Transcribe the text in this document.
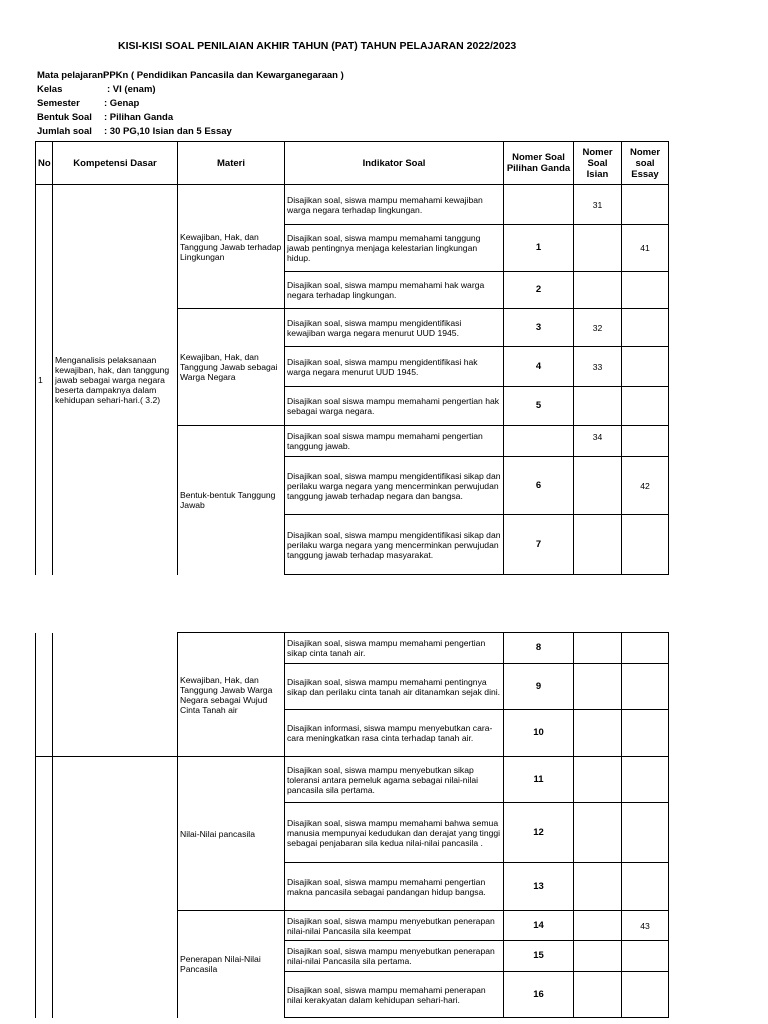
KISI-KISI SOAL PENILAIAN AKHIR TAHUN (PAT) TAHUN PELAJARAN 2022/2023
Mata pelajaran:
PPKn ( Pendidikan Pancasila dan Kewarganegaraan )
Kelas	: VI (enam)
Semester	: Genap
Bentuk Soal : Pilihan Ganda
Jumlah soal : 30 PG,10 Isian dan 5 Essay
No	Kompetensi Dasar	Materi	Indikator Soal	Nomer Soal Pilihan Ganda	Nomer Soal Isian	Nomer soal Essay
1	Menganalisis pelaksanaan kewajiban, hak, dan tanggung jawab sebagai warga negara beserta dampaknya dalam kehidupan sehari-hari.( 3.2)	Kewajiban, Hak, dan Tanggung Jawab terhadap Lingkungan	Disajikan soal, siswa mampu memahami kewajiban warga negara terhadap lingkungan.		31	
			Disajikan soal, siswa mampu memahami tanggung jawab pentingnya menjaga kelestarian lingkungan hidup.	1		41
			Disajikan soal, siswa mampu memahami hak warga negara terhadap lingkungan.	2		
		Kewajiban, Hak, dan Tanggung Jawab sebagai Warga Negara	Disajikan soal, siswa mampu mengidentifikasi kewajiban warga negara menurut UUD 1945.	3	32	
			Disajikan soal, siswa mampu mengidentifikasi hak warga negara menurut UUD 1945.	4	33	
			Disajikan soal siswa mampu memahami pengertian hak sebagai warga negara.	5		
		Bentuk-bentuk Tanggung Jawab	Disajikan soal siswa mampu memahami pengertian tanggung jawab.		34	
			Disajikan soal, siswa mampu mengidentifikasi sikap dan perilaku warga negara yang mencerminkan perwujudan tanggung jawab terhadap negara dan bangsa.	6		42
			Disajikan soal, siswa mampu mengidentifikasi sikap dan perilaku warga negara yang mencerminkan perwujudan tanggung jawab terhadap masyarakat.	7		
		Kewajiban, Hak, dan Tanggung Jawab Warga Negara sebagai Wujud Cinta Tanah air	Disajikan soal, siswa mampu memahami pengertian sikap cinta tanah air.	8		
			Disajikan soal, siswa mampu memahami pentingnya sikap dan perilaku cinta tanah air ditanamkan sejak dini.	9		
			Disajikan informasi, siswa mampu menyebutkan cara-cara meningkatkan rasa cinta terhadap tanah air.	10		
		Nilai-Nilai pancasila	Disajikan soal, siswa mampu menyebutkan sikap toleransi antara pemeluk agama sebagai nilai-nilai pancasila sila pertama.	11		
			Disajikan soal, siswa mampu memahami bahwa semua manusia mempunyai kedudukan dan derajat yang tinggi sebagai penjabaran sila kedua nilai-nilai pancasila .	12		
			Disajikan soal, siswa mampu memahami pengertian makna pancasila sebagai pandangan hidup bangsa.	13		
		Penerapan Nilai-Nilai Pancasila	Disajikan soal, siswa mampu menyebutkan penerapan nilai-nilai Pancasila sila keempat	14		43
			Disajikan soal, siswa mampu menyebutkan penerapan nilai-nilai Pancasila sila pertama.	15		
			Disajikan soal, siswa mampu memahami penerapan nilai kerakyatan dalam kehidupan sehari-hari.	16		
